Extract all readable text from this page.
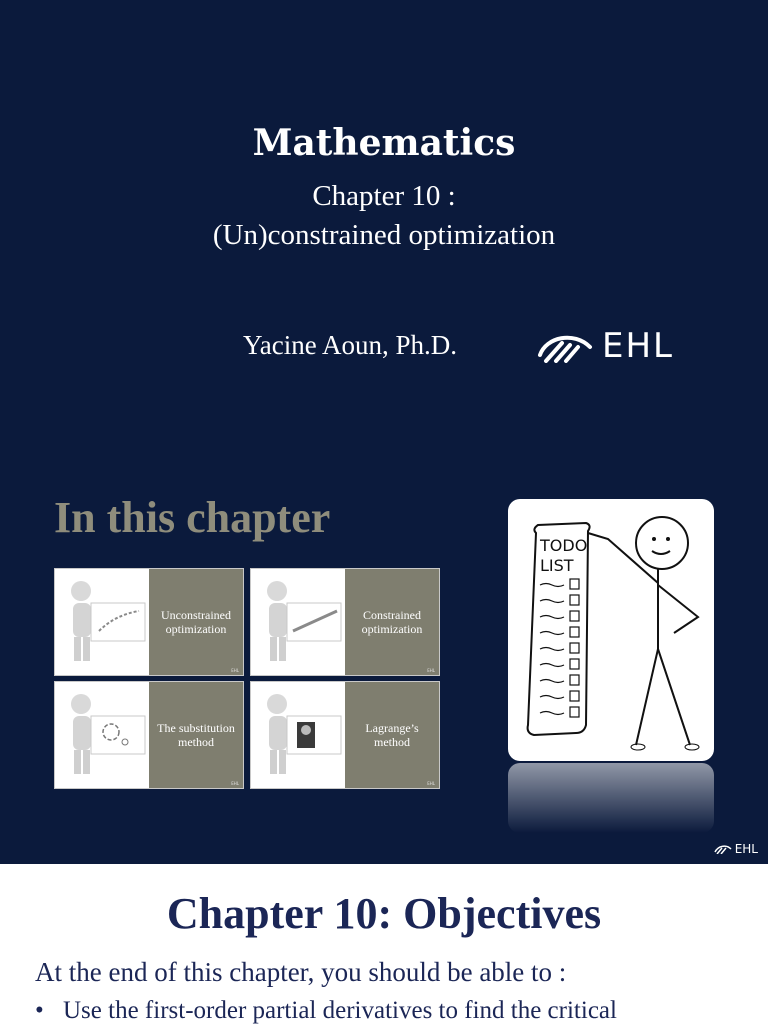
Mathematics
Chapter 10 :
(Un)constrained optimization
Yacine Aoun, Ph.D.	EHL
In this chapter
Unconstrained optimization
EHL
Constrained optimization
EHL
The substitution method
EHL
Lagrange’s method
EHL
TODO
LIST
EHL
Chapter 10: Objectives

At the end of this chapter, you should be able to :

• Use the first-order partial derivatives to find the critical
